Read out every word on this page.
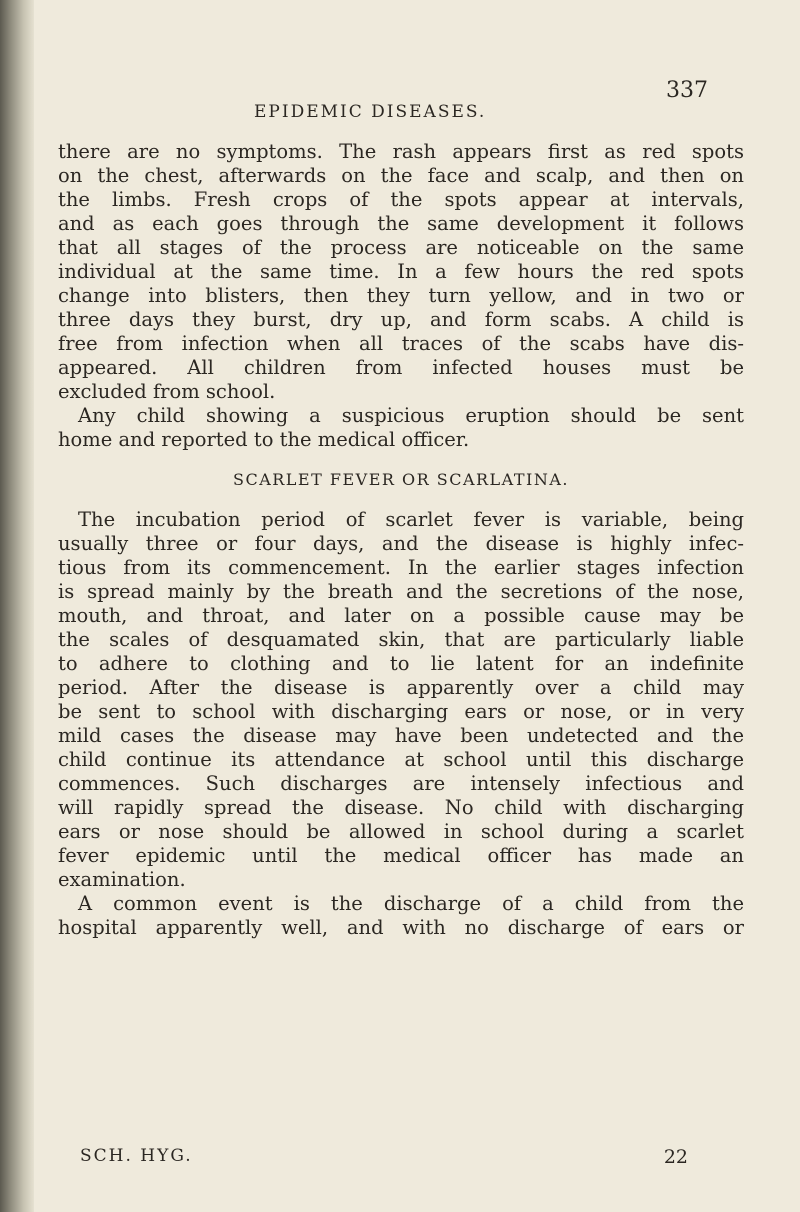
EPIDEMIC DISEASES.
337
there are no symptoms. The rash appears first as red spots
on the chest, afterwards on the face and scalp, and then on
the limbs. Fresh crops of the spots appear at intervals,
and as each goes through the same development it follows
that all stages of the process are noticeable on the same
individual at the same time. In a few hours the red spots
change into blisters, then they turn yellow, and in two or
three days they burst, dry up, and form scabs. A child is
free from infection when all traces of the scabs have dis-
appeared. All children from infected houses must be
excluded from school.
Any child showing a suspicious eruption should be sent
home and reported to the medical officer.
SCARLET FEVER OR SCARLATINA.
The incubation period of scarlet fever is variable, being
usually three or four days, and the disease is highly infec-
tious from its commencement. In the earlier stages infection
is spread mainly by the breath and the secretions of the nose,
mouth, and throat, and later on a possible cause may be
the scales of desquamated skin, that are particularly liable
to adhere to clothing and to lie latent for an indefinite
period. After the disease is apparently over a child may
be sent to school with discharging ears or nose, or in very
mild cases the disease may have been undetected and the
child continue its attendance at school until this discharge
commences. Such discharges are intensely infectious and
will rapidly spread the disease. No child with discharging
ears or nose should be allowed in school during a scarlet
fever epidemic until the medical officer has made an
examination.
A common event is the discharge of a child from the
hospital apparently well, and with no discharge of ears or
SCH. HYG.	22
